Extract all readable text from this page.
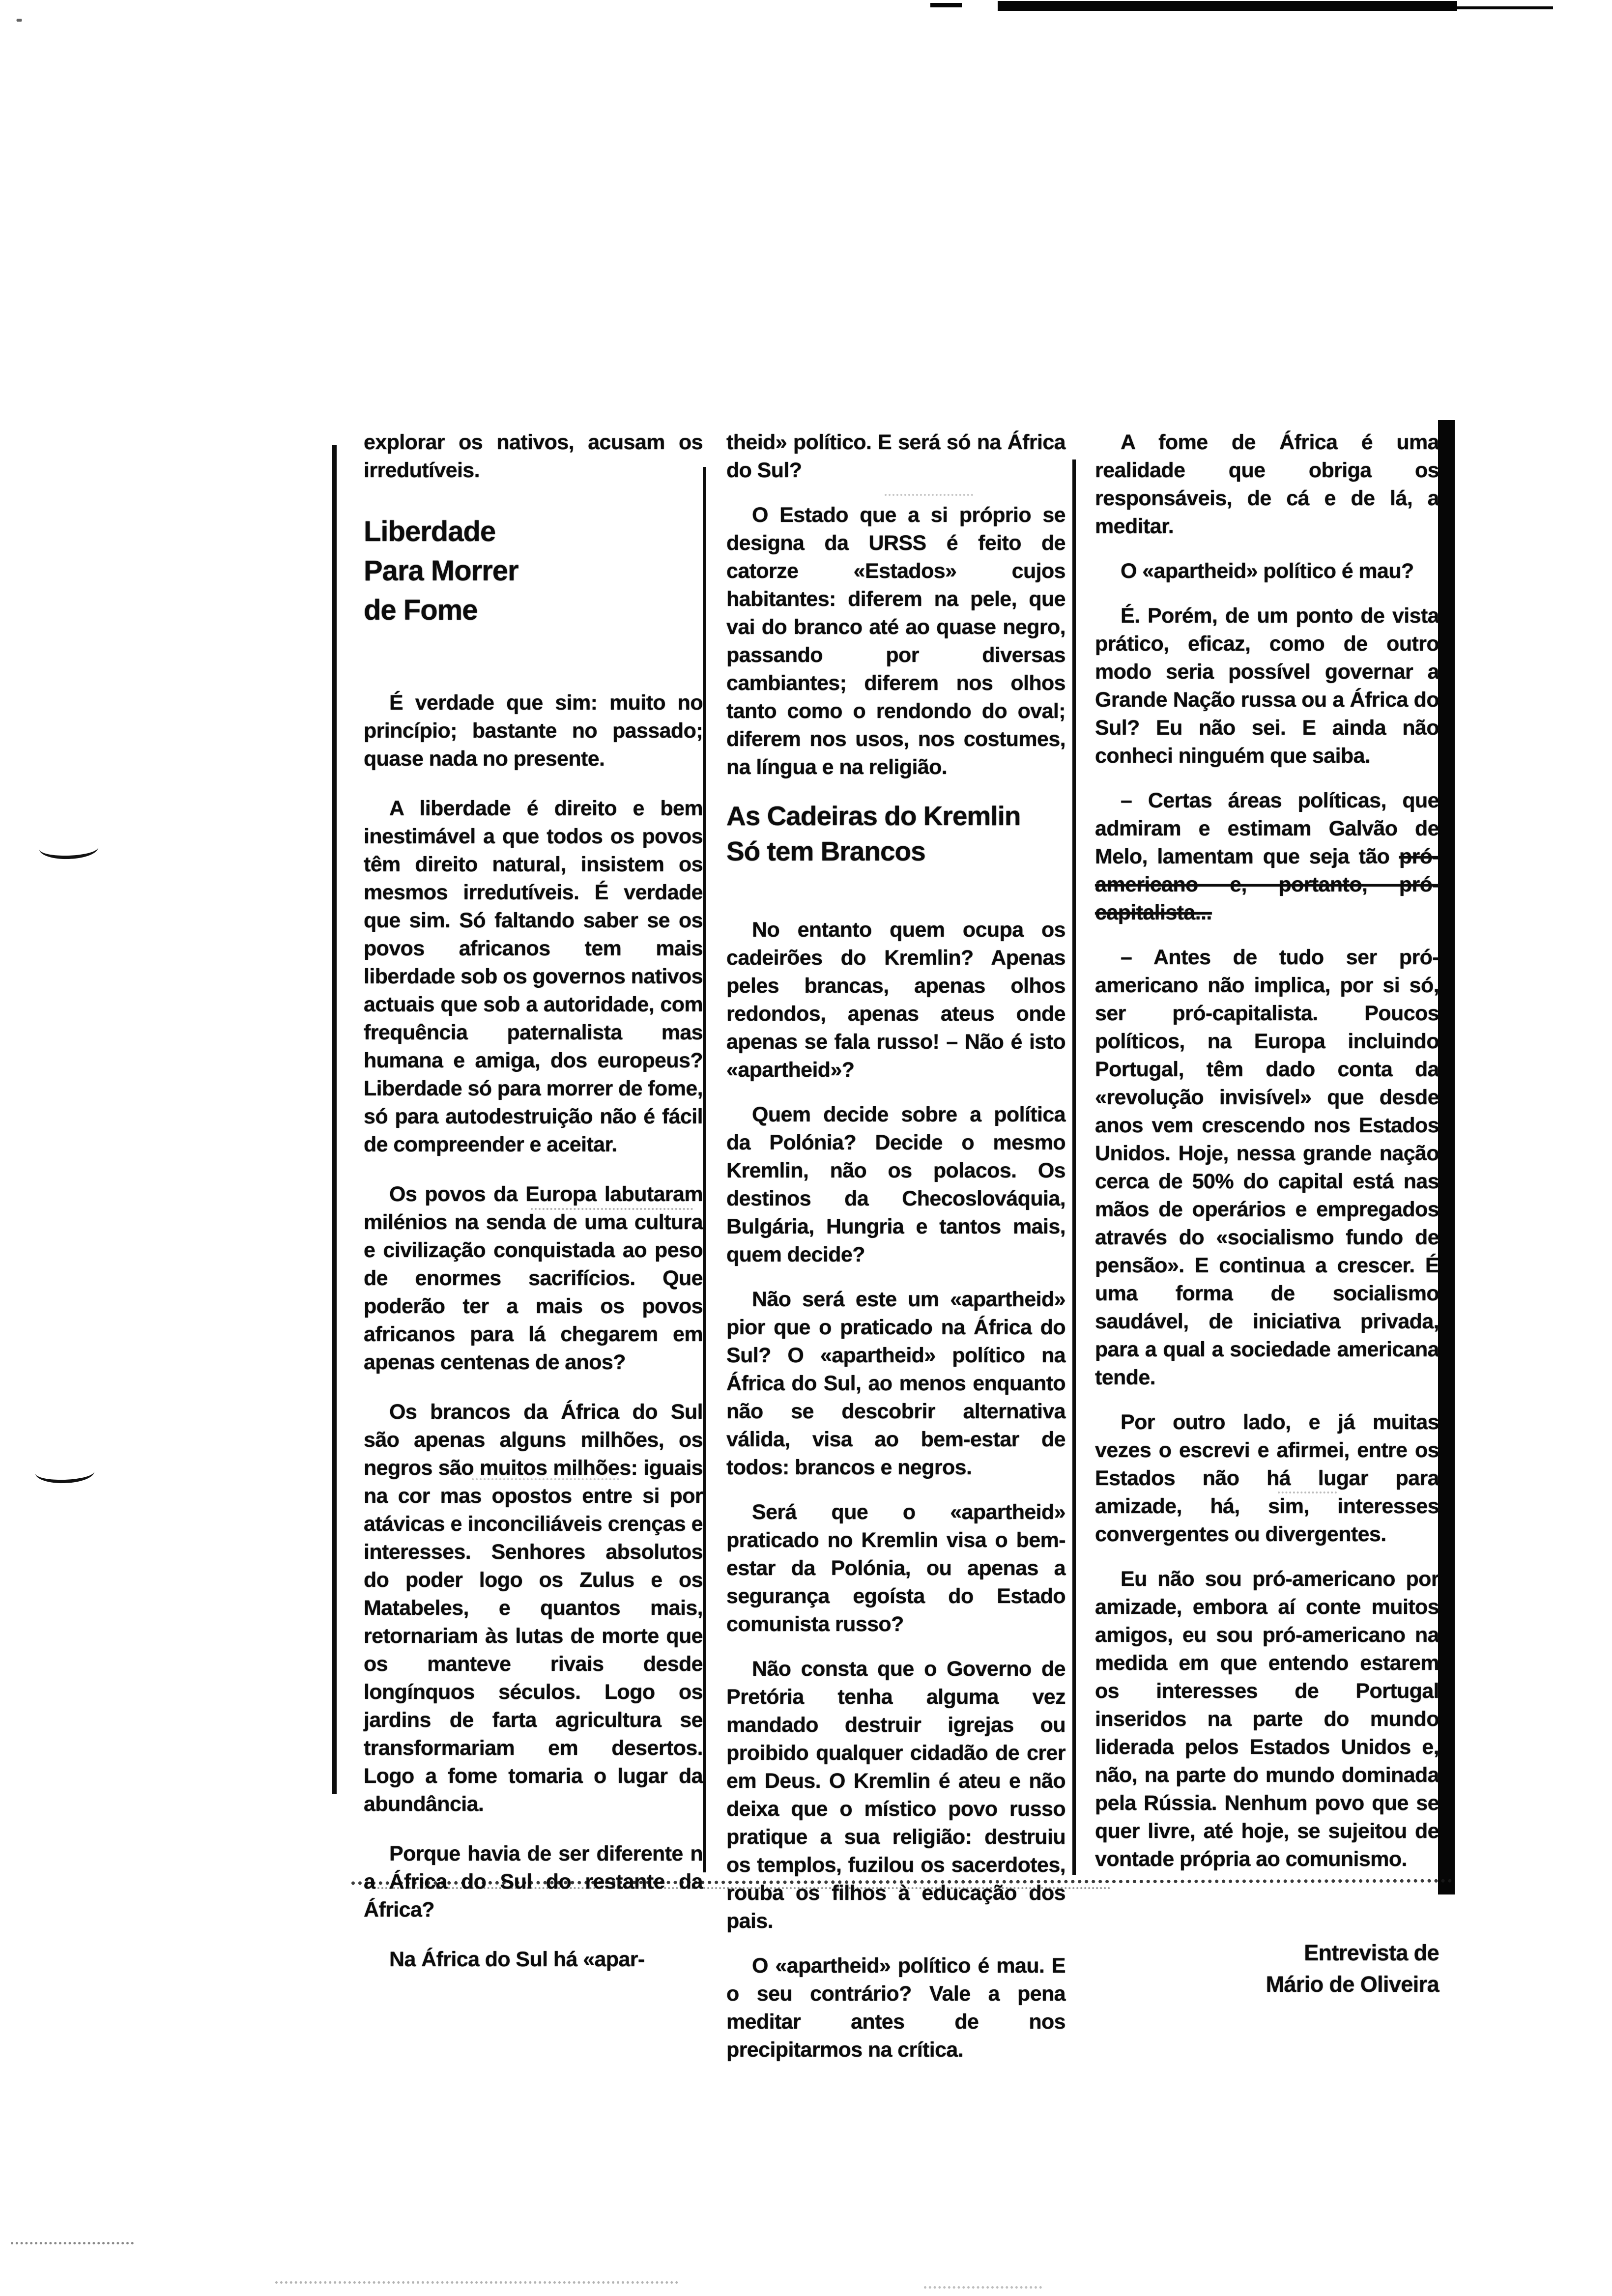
explorar os nativos, acusam os irredutíveis.

Liberdade
Para Morrer
de Fome

É verdade que sim: muito no princípio; bastante no passado; quase nada no presente.

A liberdade é direito e bem inestimável a que todos os povos têm direito natural, insistem os mesmos irredutíveis. É verdade que sim. Só faltando saber se os povos africanos tem mais liberdade sob os governos nativos actuais que sob a autoridade, com frequência paternalista mas humana e amiga, dos europeus? Liberdade só para morrer de fome, só para autodestruição não é fácil de compreender e aceitar.

Os povos da Europa labutaram milénios na senda de uma cultura e civilização conquistada ao peso de enormes sacrifícios. Que poderão ter a mais os povos africanos para lá chegarem em apenas centenas de anos?

Os brancos da África do Sul são apenas alguns milhões, os negros são muitos milhões: iguais na cor mas opostos entre si por atávicas e inconciliáveis crenças e interesses. Senhores absolutos do poder logo os Zulus e os Matabeles, e quantos mais, retornariam às lutas de morte que os manteve rivais desde longínquos séculos. Logo os jardins de farta agricultura se transformariam em desertos. Logo a fome tomaria o lugar da abundância.

Porque havia de ser diferente n a África do Sul do restante da África?

Na África do Sul há «apar-

theid» político. E será só na África do Sul?

O Estado que a si próprio se designa da URSS é feito de catorze «Estados» cujos habitantes: diferem na pele, que vai do branco até ao quase negro, passando por diversas cambiantes; diferem nos olhos tanto como o rendondo do oval; diferem nos usos, nos costumes, na língua e na religião.

As Cadeiras do Kremlin
Só tem Brancos

No entanto quem ocupa os cadeirões do Kremlin? Apenas peles brancas, apenas olhos redondos, apenas ateus onde apenas se fala russo! – Não é isto «apartheid»?

Quem decide sobre a política da Polónia? Decide o mesmo Kremlin, não os polacos. Os destinos da Checoslováquia, Bulgária, Hungria e tantos mais, quem decide?

Não será este um «apartheid» pior que o praticado na África do Sul? O «apartheid» político na África do Sul, ao menos enquanto não se descobrir alternativa válida, visa ao bem-estar de todos: brancos e negros.

Será que o «apartheid» praticado no Kremlin visa o bem-estar da Polónia, ou apenas a segurança egoísta do Estado comunista russo?

Não consta que o Governo de Pretória tenha alguma vez mandado destruir igrejas ou proibido qualquer cidadão de crer em Deus. O Kremlin é ateu e não deixa que o místico povo russo pratique a sua religião: destruiu os templos, fuzilou os sacerdotes, rouba os filhos à educação dos pais.

O «apartheid» político é mau. E o seu contrário? Vale a pena meditar antes de nos precipitarmos na crítica.

A fome de África é uma realidade que obriga os responsáveis, de cá e de lá, a meditar.

O «apartheid» político é mau?

É. Porém, de um ponto de vista prático, eficaz, como de outro modo seria possível governar a Grande Nação russa ou a África do Sul? Eu não sei. E ainda não conheci ninguém que saiba.

– Certas áreas políticas, que admiram e estimam Galvão de Melo, lamentam que seja tão pró-americano e, portanto, pró-capitalista...

– Antes de tudo ser pró-americano não implica, por si só, ser pró-capitalista. Poucos políticos, na Europa incluindo Portugal, têm dado conta da «revolução invisível» que desde anos vem crescendo nos Estados Unidos. Hoje, nessa grande nação cerca de 50% do capital está nas mãos de operários e empregados através do «socialismo fundo de pensão». E continua a crescer. É uma forma de socialismo saudável, de iniciativa privada, para a qual a sociedade americana tende.

Por outro lado, e já muitas vezes o escrevi e afirmei, entre os Estados não há lugar para amizade, há, sim, interesses convergentes ou divergentes.

Eu não sou pró-americano por amizade, embora aí conte muitos amigos, eu sou pró-americano na medida em que entendo estarem os interesses de Portugal inseridos na parte do mundo liderada pelos Estados Unidos e, não, na parte do mundo dominada pela Rússia. Nenhum povo que se quer livre, até hoje, se sujeitou de vontade própria ao comunismo.

Entrevista de
Mário de Oliveira
